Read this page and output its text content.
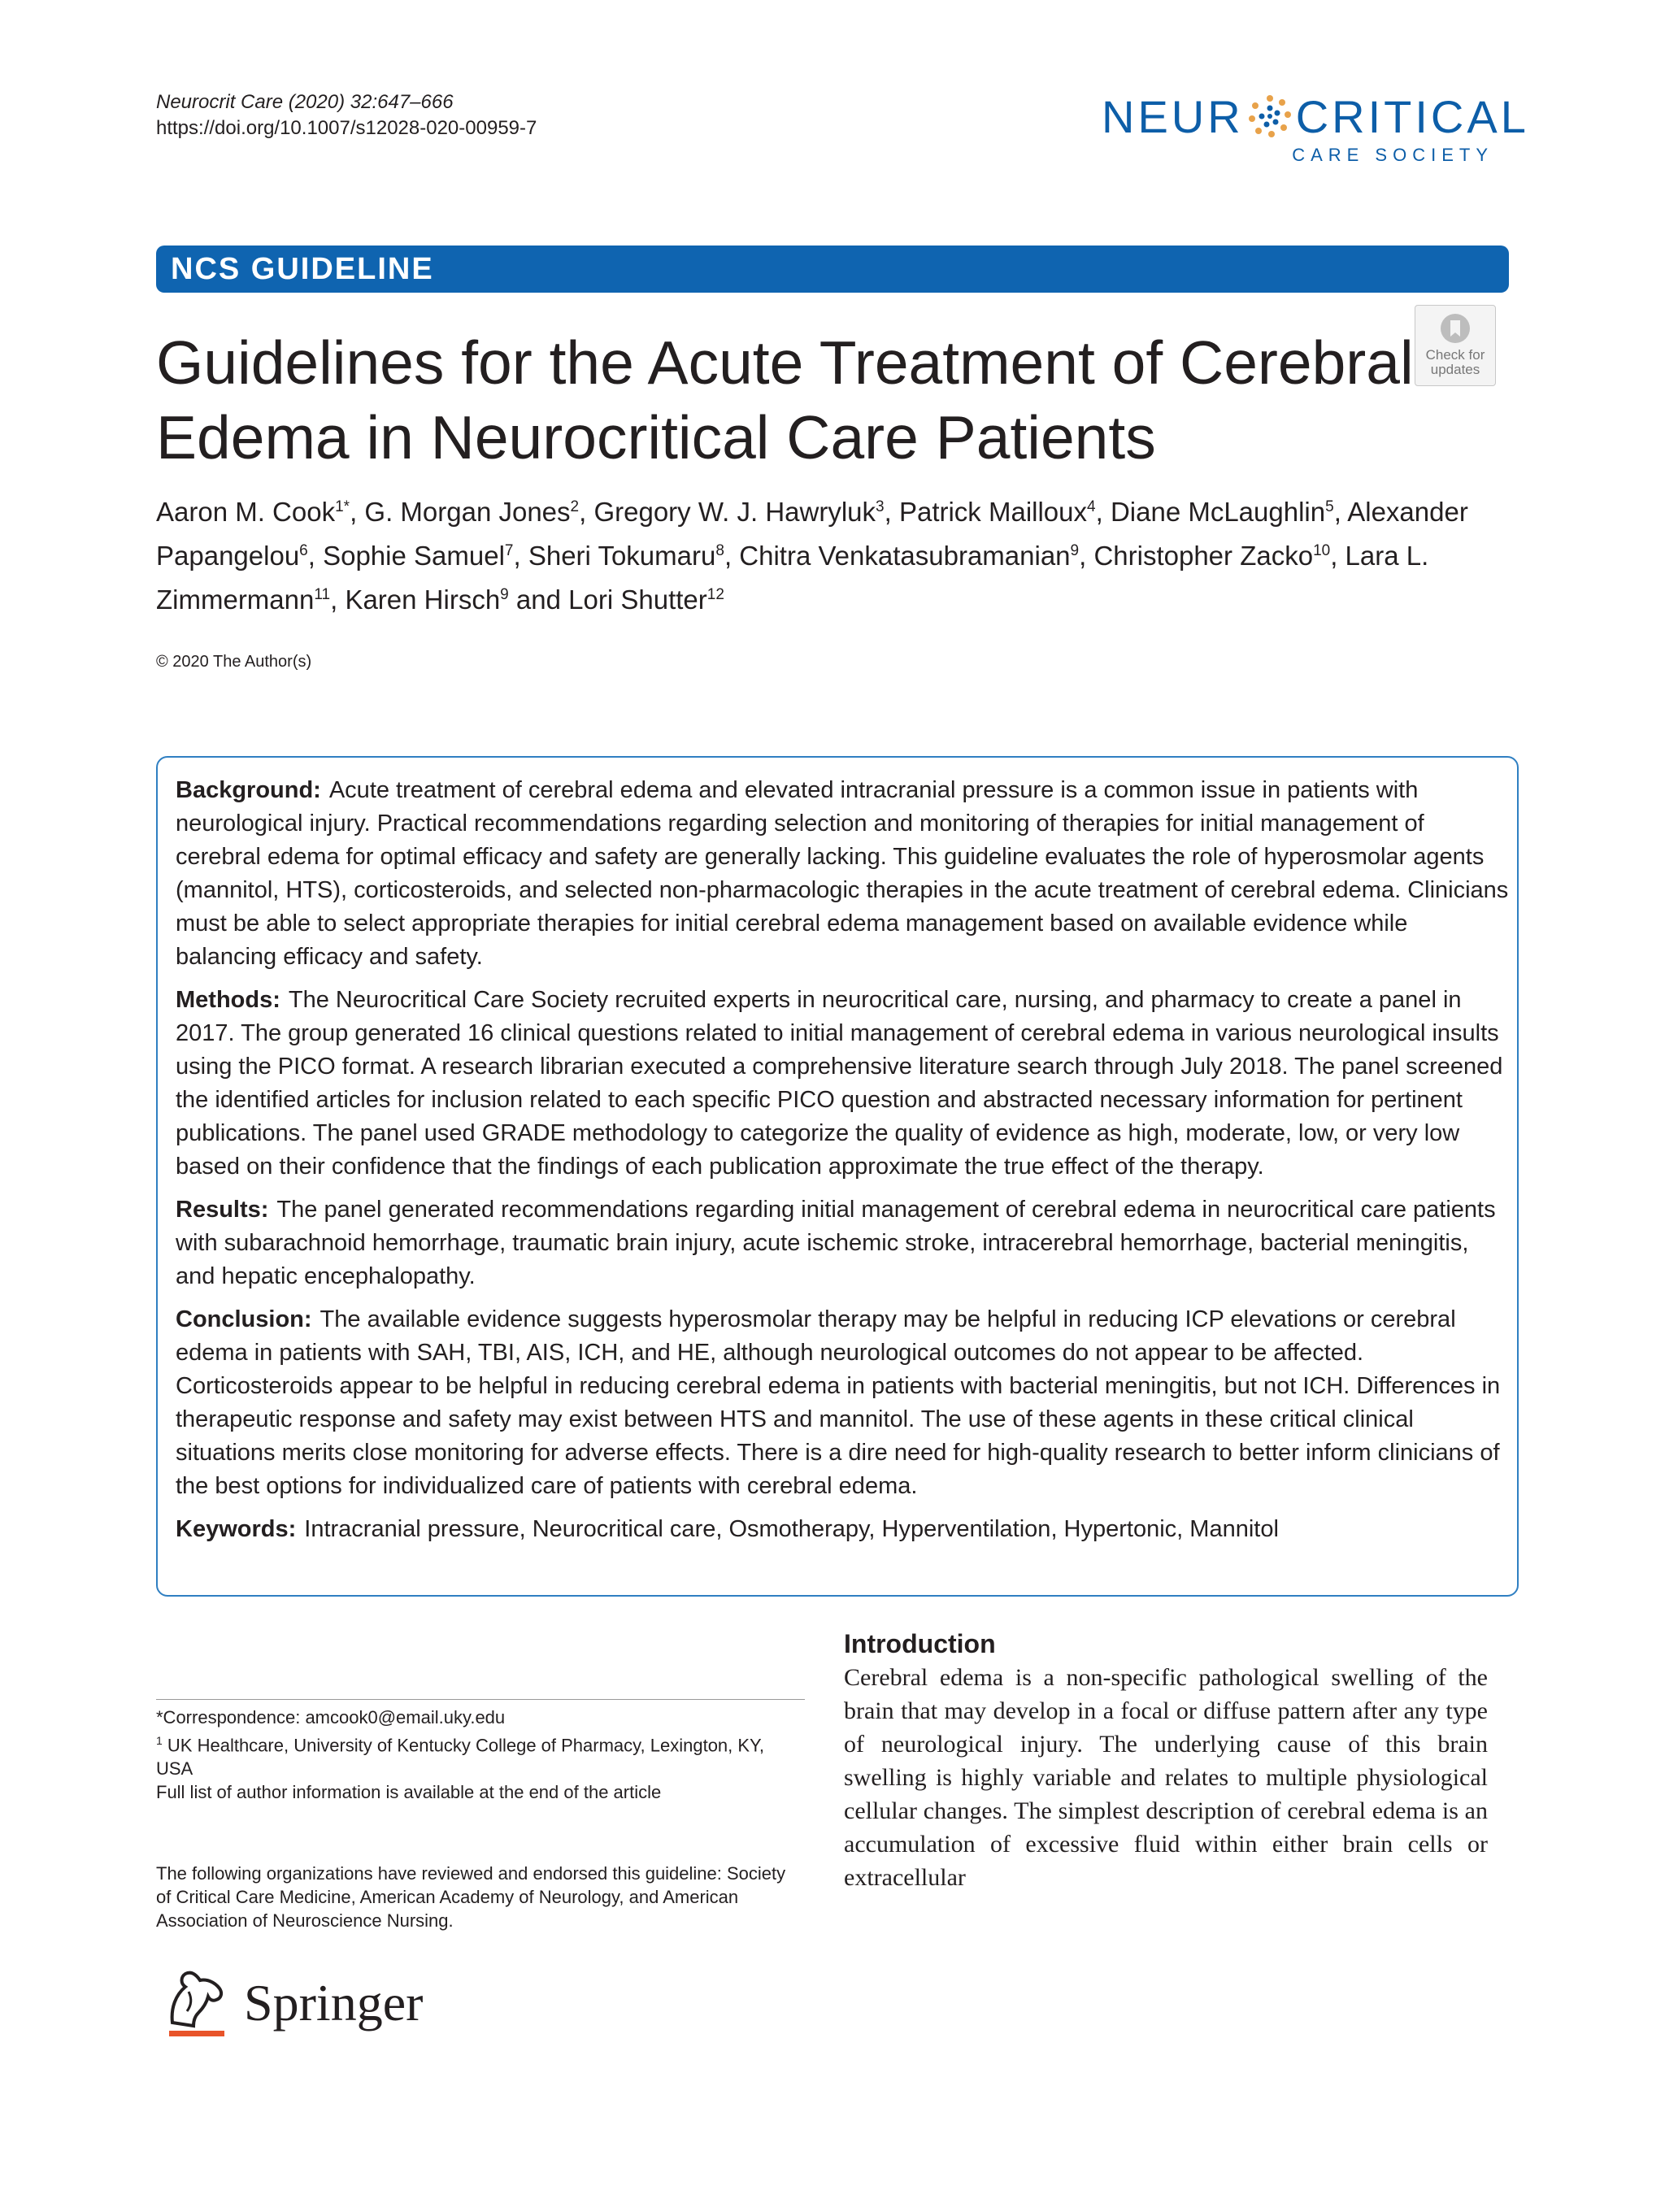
Neurocrit Care (2020) 32:647–666
https://doi.org/10.1007/s12028-020-00959-7	NEUR CRITICAL
CARE SOCIETY
NCS GUIDELINE
Guidelines for the Acute Treatment of Cerebral Edema in Neurocritical Care Patients
Check for
updates
Aaron M. Cook$^{1*}$, G. Morgan Jones$^2$, Gregory W. J. Hawryluk$^3$, Patrick Mailloux$^4$, Diane McLaughlin$^5$, Alexander Papangelou$^6$, Sophie Samuel$^7$, Sheri Tokumaru$^8$, Chitra Venkatasubramanian$^9$, Christopher Zacko$^{10}$, Lara L. Zimmermann$^{11}$, Karen Hirsch$^9$ and Lori Shutter$^{12}$
© 2020 The Author(s)

Background: Acute treatment of cerebral edema and elevated intracranial pressure is a common issue in patients with neurological injury. Practical recommendations regarding selection and monitoring of therapies for initial management of cerebral edema for optimal efficacy and safety are generally lacking. This guideline evaluates the role of hyperosmolar agents (mannitol, HTS), corticosteroids, and selected non-pharmacologic therapies in the acute treatment of cerebral edema. Clinicians must be able to select appropriate therapies for initial cerebral edema management based on available evidence while balancing efficacy and safety.

Methods: The Neurocritical Care Society recruited experts in neurocritical care, nursing, and pharmacy to create a panel in 2017. The group generated 16 clinical questions related to initial management of cerebral edema in various neurological insults using the PICO format. A research librarian executed a comprehensive literature search through July 2018. The panel screened the identified articles for inclusion related to each specific PICO question and abstracted necessary information for pertinent publications. The panel used GRADE methodology to categorize the quality of evidence as high, moderate, low, or very low based on their confidence that the findings of each publication approximate the true effect of the therapy.

Results: The panel generated recommendations regarding initial management of cerebral edema in neurocritical care patients with subarachnoid hemorrhage, traumatic brain injury, acute ischemic stroke, intracerebral hemorrhage, bacterial meningitis, and hepatic encephalopathy.

Conclusion: The available evidence suggests hyperosmolar therapy may be helpful in reducing ICP elevations or cerebral edema in patients with SAH, TBI, AIS, ICH, and HE, although neurological outcomes do not appear to be affected. Corticosteroids appear to be helpful in reducing cerebral edema in patients with bacterial meningitis, but not ICH. Differences in therapeutic response and safety may exist between HTS and mannitol. The use of these agents in these critical clinical situations merits close monitoring for adverse effects. There is a dire need for high-quality research to better inform clinicians of the best options for individualized care of patients with cerebral edema.

Keywords: Intracranial pressure, Neurocritical care, Osmotherapy, Hyperventilation, Hypertonic, Mannitol

Introduction
Cerebral edema is a non-specific pathological swelling of the brain that may develop in a focal or diffuse pattern after any type of neurological injury. The underlying cause of this brain swelling is highly variable and relates to multiple physiological cellular changes. The simplest description of cerebral edema is an accumulation of excessive fluid within either brain cells or extracellular
*Correspondence: amcook0@email.uky.edu
$^1$ UK Healthcare, University of Kentucky College of Pharmacy, Lexington, KY, USA
Full list of author information is available at the end of the article
The following organizations have reviewed and endorsed this guideline: Society of Critical Care Medicine, American Academy of Neurology, and American Association of Neuroscience Nursing.
Springer
